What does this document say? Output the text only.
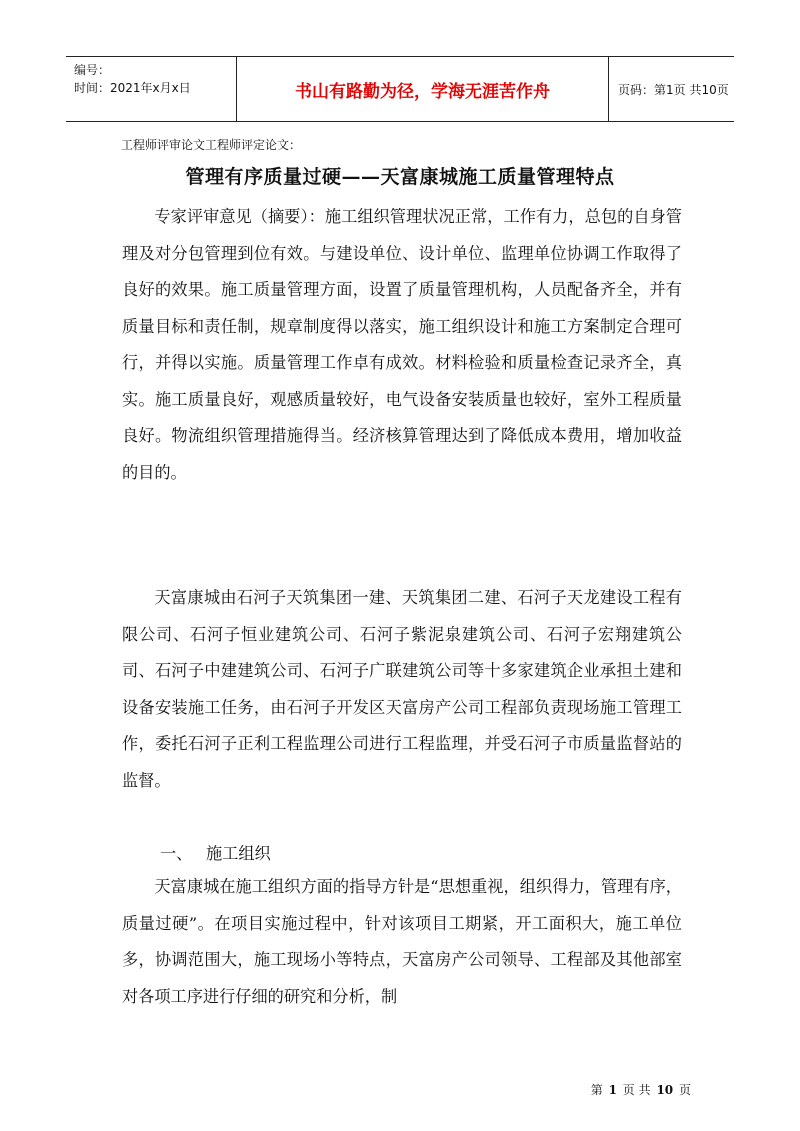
编号：
时间：2021年x月x日	书山有路勤为径，学海无涯苦作舟	页码：第1页 共10页
工程师评审论文工程师评定论文：
管理有序质量过硬——天富康城施工质量管理特点

专家评审意见（摘要）：施工组织管理状况正常，工作有力，总包的自身管理及对分包管理到位有效。与建设单位、设计单位、监理单位协调工作取得了良好的效果。施工质量管理方面，设置了质量管理机构，人员配备齐全，并有质量目标和责任制，规章制度得以落实，施工组织设计和施工方案制定合理可行，并得以实施。质量管理工作卓有成效。材料检验和质量检查记录齐全，真实。施工质量良好，观感质量较好，电气设备安装质量也较好，室外工程质量良好。物流组织管理措施得当。经济核算管理达到了降低成本费用，增加收益的目的。

天富康城由石河子天筑集团一建、天筑集团二建、石河子天龙建设工程有限公司、石河子恒业建筑公司、石河子紫泥泉建筑公司、石河子宏翔建筑公司、石河子中建建筑公司、石河子广联建筑公司等十多家建筑企业承担土建和设备安装施工任务，由石河子开发区天富房产公司工程部负责现场施工管理工作，委托石河子正利工程监理公司进行工程监理，并受石河子市质量监督站的监督。

一、 施工组织

天富康城在施工组织方面的指导方针是“思想重视，组织得力，管理有序，质量过硬”。在项目实施过程中，针对该项目工期紧，开工面积大，施工单位多，协调范围大，施工现场小等特点，天富房产公司领导、工程部及其他部室对各项工序进行仔细的研究和分析，制

第 1 页 共 10 页
